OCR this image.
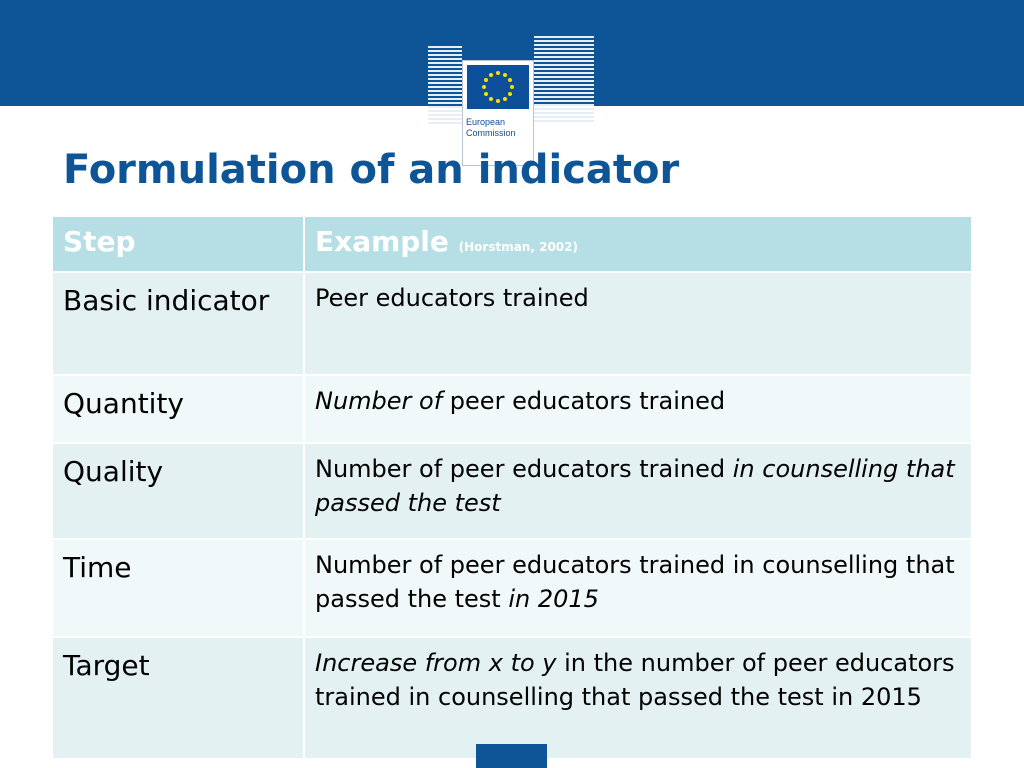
European
Commission
Formulation of an indicator
Step	Example (Horstman, 2002)
Basic indicator	Peer educators trained
Quantity	Number of peer educators trained
Quality	Number of peer educators trained in counselling that passed the test
Time	Number of peer educators trained in counselling that passed the test in 2015
Target	Increase from x to y in the number of peer educators trained in counselling that passed the test in 2015
